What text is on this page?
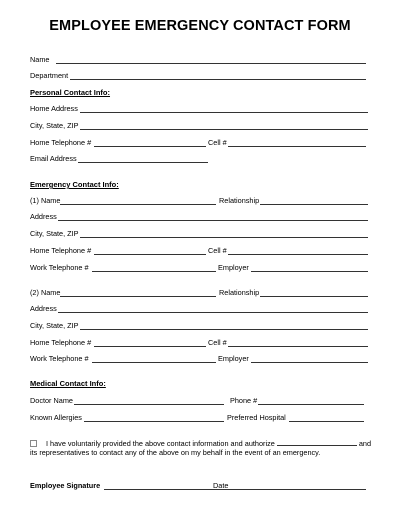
EMPLOYEE EMERGENCY CONTACT FORM
Name
Department
Personal Contact Info:
Home Address
City, State, ZIP
Home Telephone #	Cell #
Email Address
Emergency Contact Info:
(1) Name	Relationship
Address
City, State, ZIP
Home Telephone #	Cell #
Work Telephone #	Employer
(2) Name	Relationship
Address
City, State, ZIP
Home Telephone #	Cell #
Work Telephone #	Employer
Medical Contact Info:
Doctor Name	Phone #
Known Allergies	Preferred Hospital
I have voluntarily provided the above contact information and authorize	and
its representatives to contact any of the above on my behalf in the event of an emergency.
Employee Signature	Date
